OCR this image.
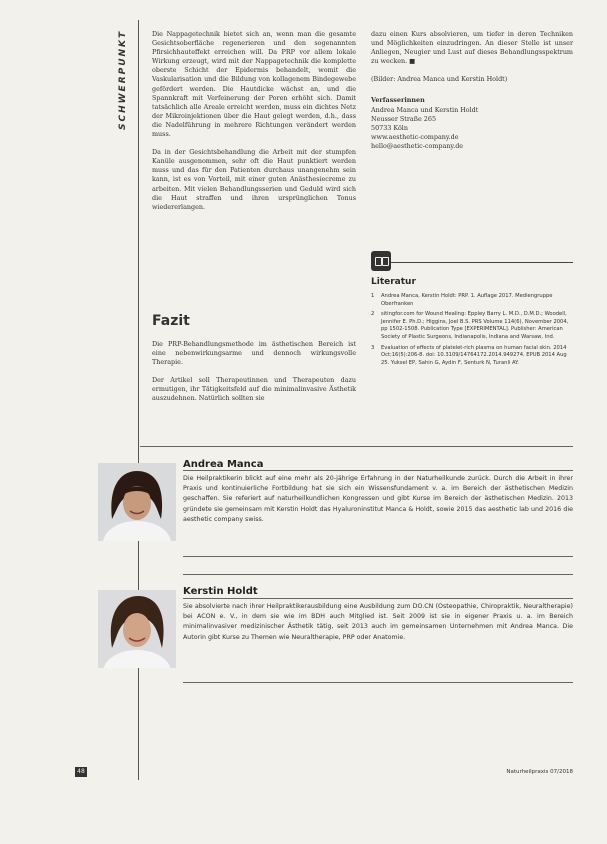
SCHWERPUNKT	Die Nappagetechnik bietet sich an, wenn man die gesamte Gesichtsoberfläche regenerieren und den sogenannten Pfirsichhauteffekt erreichen will. Da PRP vor allem lokale Wirkung erzeugt, wird mit der Nappagetechnik die komplette oberste Schicht der Epidermis behandelt, womit die Vaskularisation und die Bildung von kollagenem Bindegewebe gefördert werden. Die Hautdicke wächst an, und die Spannkraft mit Verfeinerung der Poren erhöht sich. Damit tatsächlich alle Areale erreicht werden, muss ein dichtes Netz der Mikroinjektionen über die Haut gelegt werden, d.h., dass die Nadelführung in mehrere Richtungen verändert werden muss.

Da in der Gesichtsbehandlung die Arbeit mit der stumpfen Kanüle ausgenommen, sehr oft die Haut punktiert werden muss und das für den Patienten durchaus unangenehm sein kann, ist es von Vorteil, mit einer guten Anästhesiecreme zu arbeiten. Mit vielen Behandlungsserien und Geduld wird sich die Haut straffen und ihren ursprünglichen Tonus wiedererlangen.

Fazit

Die PRP-Behandlungsmethode im ästhetischen Bereich ist eine nebenwirkungsarme und dennoch wirkungsvolle Therapie.

Der Artikel soll Therapeutinnen und Therapeuten dazu ermutigen, ihr Tätigkeitsfeld auf die minimalinvasive Ästhetik auszudehnen. Natürlich sollten sie

dazu einen Kurs absolvieren, um tiefer in deren Techniken und Möglichkeiten einzudringen. An dieser Stelle ist unser Anliegen, Neugier und Lust auf dieses Behandlungsspektrum zu wecken. ■

(Bilder: Andrea Manca und Kerstin Holdt)

Verfasserinnen
Andrea Manca und Kerstin Holdt
Neusser Straße 265
50733 Köln
www.aesthetic-company.de
hello@aesthetic-company.de
Literatur
1 Andrea Manca, Kerstin Holdt: PRP. 1. Auflage 2017. Mediengruppe Oberfranken
2 sitingfor.com for Wound Healing: Eppley Barry L. M.D., D.M.D.; Woodell, Jennifer E. Ph.D.; Higgins, Joel B.S. PRS Volume 114(6), November 2004, pp 1502-1508. Publication Type [EXPERIMENTAL]. Publisher: American Society of Plastic Surgeons, Indianapolis, Indiana and Warsaw, Ind.
3 Evaluation of effects of platelet-rich plasma on human facial skin. 2014 Oct;16(5):206-8. doi: 10.3109/14764172.2014.949274. EPUB 2014 Aug 25. Yuksel EP, Sahin G, Aydin F, Senturk N, Turanli AY.
Andrea Manca
Die Heilpraktikerin blickt auf eine mehr als 20-jährige Erfahrung in der Naturheilkunde zurück. Durch die Arbeit in ihrer Praxis und kontinuierliche Fortbildung hat sie sich ein Wissensfundament v. a. im Bereich der ästhetischen Medizin geschaffen. Sie referiert auf naturheilkundlichen Kongressen und gibt Kurse im Bereich der ästhetischen Medizin. 2013 gründete sie gemeinsam mit Kerstin Holdt das Hyaluroninstitut Manca & Holdt, sowie 2015 das aesthetic lab und 2016 die aesthetic company swiss.
Kerstin Holdt
Sie absolvierte nach ihrer Heilpraktikerausbildung eine Ausbildung zum DO.CN (Osteopathie, Chiropraktik, Neuraltherapie) bei ACON e. V., in dem sie wie im BDH auch Mitglied ist. Seit 2009 ist sie in eigener Praxis u. a. im Bereich minimalinvasiver medizinischer Ästhetik tätig, seit 2013 auch im gemeinsamen Unternehmen mit Andrea Manca. Die Autorin gibt Kurse zu Themen wie Neuraltherapie, PRP oder Anatomie.
48	Naturheilpraxis 07/2018
